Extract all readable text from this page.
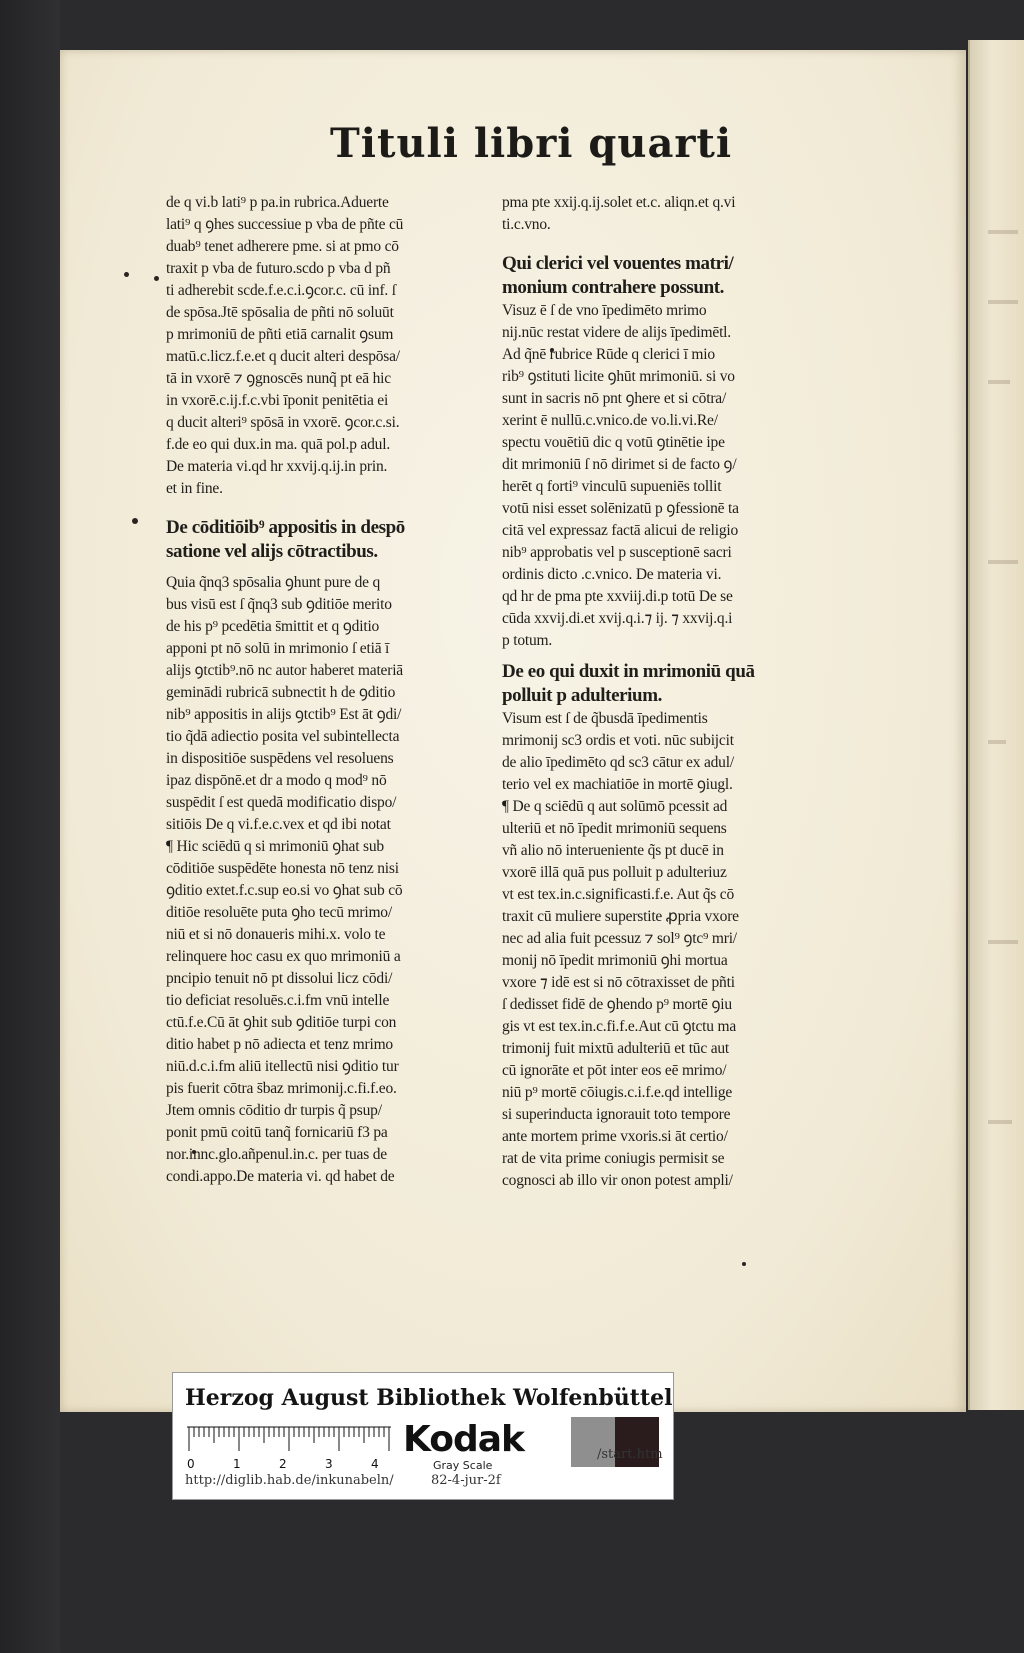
Tituli libri quarti
de q vi.b lati⁹ p pa.in rubrica.Aduerte
lati⁹ q ꝯhes successiue p vba de pñte cū
duab⁹ tenet adherere pme. si at pmo cō
traxit p vba de futuro.scdo p vba d pñ
ti adherebit scde.f.e.c.i.ꝯcor.c. cū inf. ſ
de spōsa.Jtē spōsalia de pñti nō soluūt
p mrimoniū de pñti etiā carnalit ꝯsum
matū.c.licz.f.e.et q ducit alteri despōsa/
tā in vxorē ⁊ ꝯgnoscēs nunq̃ pt eā hic
in vxorē.c.ij.f.c.vbi īponit penitētia ei
q ducit alteri⁹ spōsā in vxorē. ꝯcor.c.si.
f.de eo qui dux.in ma. quā pol.p adul.
De materia vi.qd hr xxvij.q.ij.in prin.
et in fine.
De cōditiōib⁹ appositis in despō
satione vel alijs cōtractibus.
Quia q̃nq3 spōsalia ꝯhunt pure de q
bus visū est ſ q̃nq3 sub ꝯditiōe merito
de his p⁹ pcedētia s̄mittit et q ꝯditio
apponi pt nō solū in mrimonio ſ etiā ī
alijs ꝯtctib⁹.nō nc autor haberet materiā
geminādi rubricā subnectit h de ꝯditio
nib⁹ appositis in alijs ꝯtctib⁹ Est āt ꝯdi/
tio q̃dā adiectio posita vel subintellecta
in dispositiōe suspēdens vel resoluens
ipaz dispōnē.et dr a modo q mod⁹ nō
suspēdit ſ est quedā modificatio dispo/
sitiōis De q vi.f.e.c.vex et qd ibi notat
¶ Hic sciēdū q si mrimoniū ꝯhat sub
cōditiōe suspēdēte honesta nō tenz nisi
ꝯditio extet.f.c.sup eo.si vo ꝯhat sub cō
ditiōe resoluēte puta ꝯho tecū mrimo/
niū et si nō donaueris mihi.x. volo te
relinquere hoc casu ex quo mrimoniū a
pncipio tenuit nō pt dissolui licz cōdi/
tio deficiat resoluēs.c.i.fm vnū intelle
ctū.f.e.Cū āt ꝯhit sub ꝯditiōe turpi con
ditio habet p nō adiecta et tenz mrimo
niū.d.c.i.fm aliū itellectū nisi ꝯditio tur
pis fuerit cōtra s̄baz mrimonij.c.fi.f.eo.
Jtem omnis cōditio dr turpis q̃ psup/
ponit pmū coitū tanq̃ fornicariū f3 pa
nor.innc.glo.añpenul.in.c. per tuas de
condi.appo.De materia vi. qd habet de
pma pte xxij.q.ij.solet et.c. aliqn.et q.vi
ti.c.vno.
Qui clerici vel vouentes matri/
monium contrahere possunt.
Visuz ē ſ de vno īpedimēto mrimo
nij.nūc restat videre de alijs īpedimētl.
Ad q̃nē rubrice Rūde q clerici ī mio
rib⁹ ꝯstituti licite ꝯhūt mrimoniū. si vo
sunt in sacris nō pnt ꝯhere et si cōtra/
xerint ē nullū.c.vnico.de vo.li.vi.Re/
spectu vouētiū dic q votū ꝯtinētie ipe
dit mrimoniū ſ nō dirimet si de facto ꝯ/
herēt q forti⁹ vinculū supueniēs tollit
votū nisi esset solēnizatū p ꝯfessionē ta
citā vel expressaz factā alicui de religio
nib⁹ approbatis vel p susceptionē sacri
ordinis dicto .c.vnico. De materia vi.
qd hr de pma pte xxviij.di.p totū De se
cūda xxvij.di.et xvij.q.i.⁊ ij. ⁊ xxvij.q.i
p totum.
De eo qui duxit in mrimoniū quā
polluit p adulterium.
Visum est ſ de q̃busdā īpedimentis
mrimonij sc3 ordis et voti. nūc subijcit
de alio īpedimēto qd sc3 cātur ex adul/
terio vel ex machiatiōe in mortē ꝯiugl.
¶ De q sciēdū q aut solūmō pcessit ad
ulteriū et nō īpedit mrimoniū sequens
vñ alio nō interueniente q̃s pt ducē in
vxorē illā quā pus polluit p adulteriuz
vt est tex.in.c.significasti.f.e. Aut q̃s cō
traxit cū muliere superstite ꝓpria vxore
nec ad alia fuit pcessuz ⁊ sol⁹ ꝯtc⁹ mri/
monij nō īpedit mrimoniū ꝯhi mortua
vxore ⁊ idē est si nō cōtraxisset de pñti
ſ dedisset fidē de ꝯhendo p⁹ mortē ꝯiu
gis vt est tex.in.c.fi.f.e.Aut cū ꝯtctu ma
trimonij fuit mixtū adulteriū et tūc aut
cū ignorāte et pōt inter eos eē mrimo/
niū p⁹ mortē cōiugis.c.i.f.e.qd intellige
si superinducta ignorauit toto tempore
ante mortem prime vxoris.si āt certio/
rat de vita prime coniugis permisit se
cognosci ab illo vir onon potest ampli/
Herzog August Bibliothek Wolfenbüttel
0	1	2	3	4
Kodak
Gray Scale
http://diglib.hab.de/inkunabeln/	82-4-jur-2f
/start.htm
